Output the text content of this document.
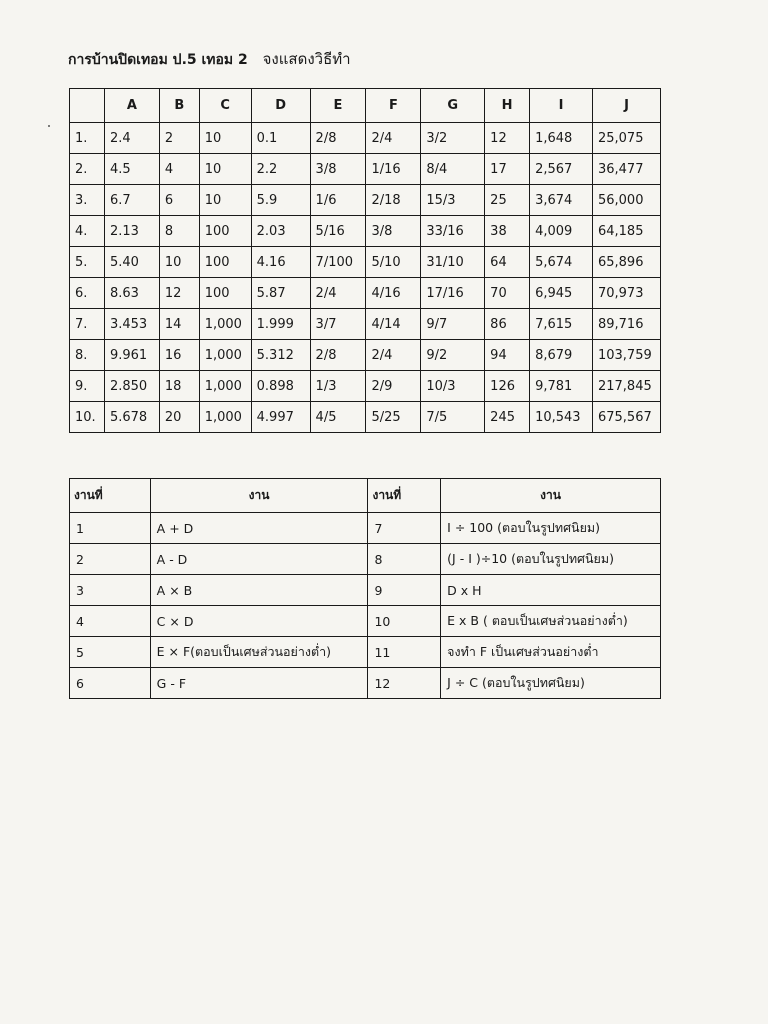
การบ้านปิดเทอม ป.5 เทอม 2 จงแสดงวิธีทำ
	A	B	C	D	E	F	G	H	I	J
1.	2.4	2	10	0.1	2/8	2/4	3/2	12	1,648	25,075
2.	4.5	4	10	2.2	3/8	1/16	8/4	17	2,567	36,477
3.	6.7	6	10	5.9	1/6	2/18	15/3	25	3,674	56,000
4.	2.13	8	100	2.03	5/16	3/8	33/16	38	4,009	64,185
5.	5.40	10	100	4.16	7/100	5/10	31/10	64	5,674	65,896
6.	8.63	12	100	5.87	2/4	4/16	17/16	70	6,945	70,973
7.	3.453	14	1,000	1.999	3/7	4/14	9/7	86	7,615	89,716
8.	9.961	16	1,000	5.312	2/8	2/4	9/2	94	8,679	103,759
9.	2.850	18	1,000	0.898	1/3	2/9	10/3	126	9,781	217,845
10.	5.678	20	1,000	4.997	4/5	5/25	7/5	245	10,543	675,567
งานที่	งาน	งานที่	งาน
1	A + D	7	I ÷ 100 (ตอบในรูปทศนิยม)
2	A - D	8	(J - I )÷10 (ตอบในรูปทศนิยม)
3	A × B	9	D x H
4	C × D	10	E x B ( ตอบเป็นเศษส่วนอย่างต่ำ)
5	E × F(ตอบเป็นเศษส่วนอย่างต่ำ)	11	จงทำ F เป็นเศษส่วนอย่างต่ำ
6	G - F	12	J ÷ C (ตอบในรูปทศนิยม)
